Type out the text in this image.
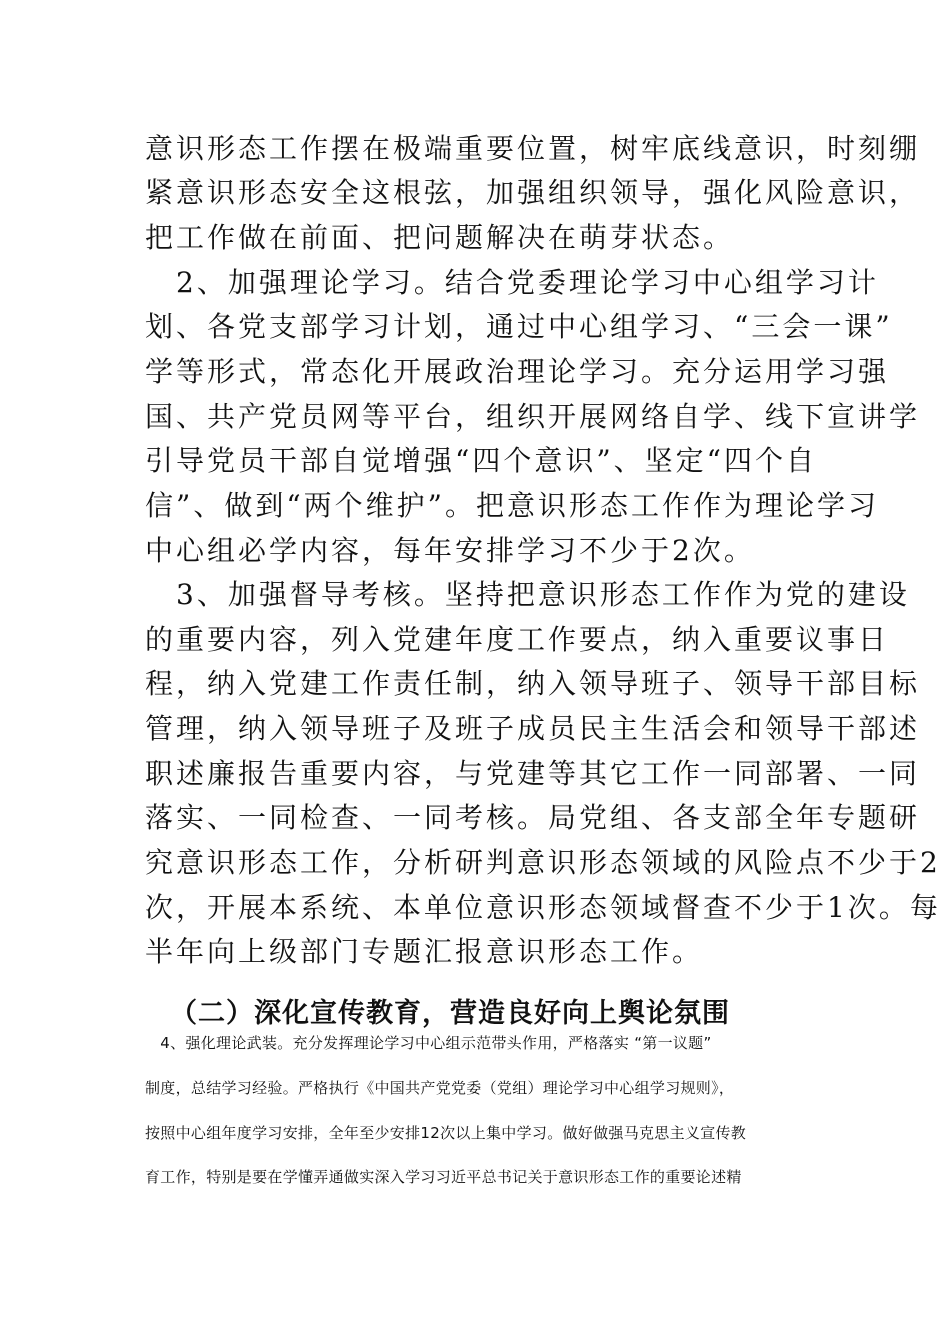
意识形态工作摆在极端重要位置，树牢底线意识，时刻绷

紧意识形态安全这根弦，加强组织领导，强化风险意识，

把工作做在前面、把问题解决在萌芽状态。

　2、加强理论学习。结合党委理论学习中心组学习计

划、各党支部学习计划，通过中心组学习、“三会一课”

学等形式，常态化开展政治理论学习。充分运用学习强

国、共产党员网等平台，组织开展网络自学、线下宣讲学

引导党员干部自觉增强“四个意识”、坚定“四个自

信”、做到“两个维护”。把意识形态工作作为理论学习

中心组必学内容，每年安排学习不少于2次。

　3、加强督导考核。坚持把意识形态工作作为党的建设

的重要内容，列入党建年度工作要点，纳入重要议事日

程，纳入党建工作责任制，纳入领导班子、领导干部目标

管理，纳入领导班子及班子成员民主生活会和领导干部述

职述廉报告重要内容，与党建等其它工作一同部署、一同

落实、一同检查、一同考核。局党组、各支部全年专题研

究意识形态工作，分析研判意识形态领域的风险点不少于2

次，开展本系统、本单位意识形态领域督查不少于1次。每

半年向上级部门专题汇报意识形态工作。

（二）深化宣传教育，营造良好向上舆论氛围

　4、强化理论武装。充分发挥理论学习中心组示范带头作用，严格落实 “第一议题”

制度，总结学习经验。严格执行《中国共产党党委（党组）理论学习中心组学习规则》，

按照中心组年度学习安排，全年至少安排12次以上集中学习。做好做强马克思主义宣传教

育工作，特别是要在学懂弄通做实深入学习习近平总书记关于意识形态工作的重要论述精
